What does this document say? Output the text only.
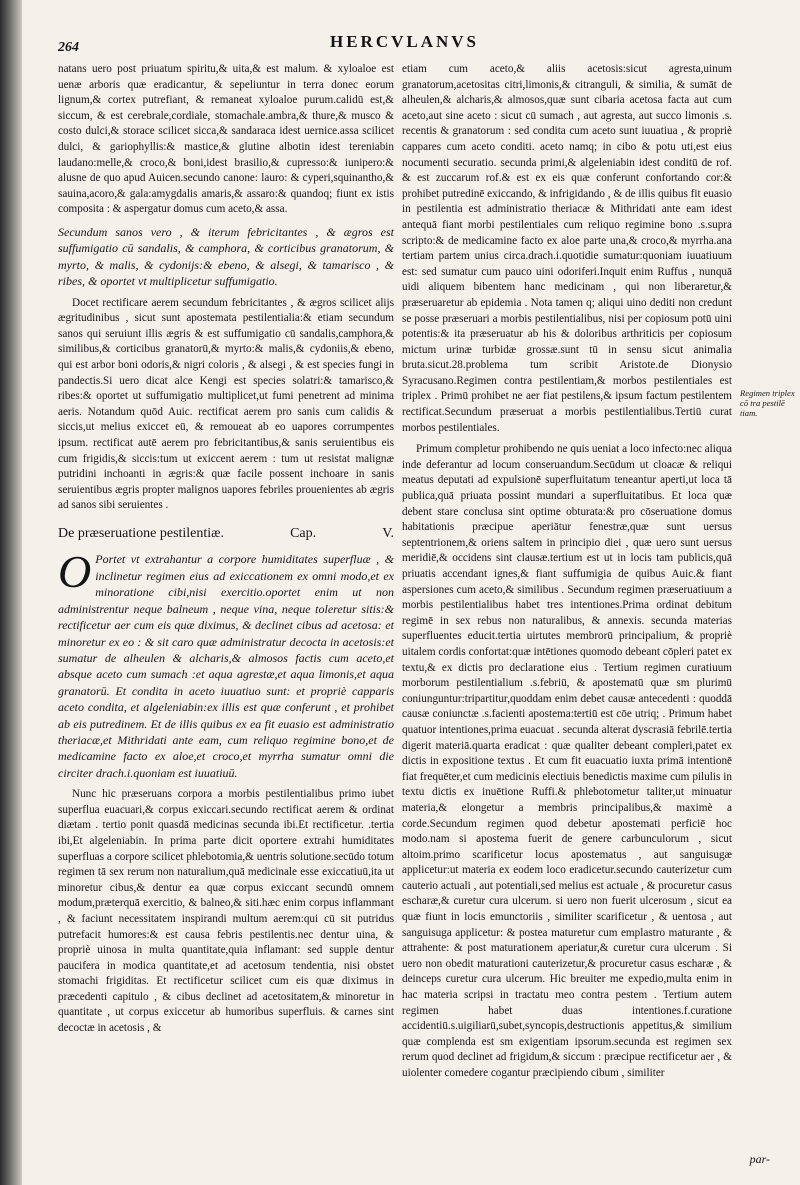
264	HERCVLANVS

natans uero post priuatum spiritu,& uita,& est malum. & xyloaloe est uenæ arboris quæ eradicantur, & sepeliuntur in terra donec eorum lignum,& cortex putrefiant, & remaneat xyloaloe purum.calidū est,& siccum, & est cerebrale,cordiale, stomachale.ambra,& thure,& musco & costo dulci,& storace scilicet sicca,& sandaraca idest uernice.assa scilicet dulci, & gariophyllis:& mastice,& glutine albotin idest tereniabin laudano:melle,& croco,& boni,idest brasilio,& cupresso:& iunipero:& alusne de quo apud Auicen.secundo canone: lauro: & cyperi,squinantho,& sauina,acoro,& gala:amygdalis amaris,& assaro:& quandoq; fiunt ex istis composita : & aspergatur domus cum aceto,& assa.

Secundum sanos vero , & iterum febricitantes , & ægros est suffumigatio cū sandalis, & camphora, & corticibus granatorum, & myrto, & malis, & cydonijs:& ebeno, & alsegi, & tamarisco , & ribes, & oportet vt multiplicetur suffumigatio.

Docet rectificare aerem secundum febricitantes , & ægros scilicet alijs ægritudinibus , sicut sunt apostemata pestilentialia:& etiam secundum sanos qui seruiunt illis ægris & est suffumigatio cū sandalis,camphora,& similibus,& corticibus granatorū,& myrto:& malis,& cydoniis,& ebeno, qui est arbor boni odoris,& nigri coloris , & alsegi , & est species fungi in pandectis.Si uero dicat alce Kengi est species solatri:& tamarisco,& ribes:& oportet ut suffumigatio multiplicet,ut fumi penetrent ad minima aeris. Notandum quōd Auic. rectificat aerem pro sanis cum calidis & siccis,ut melius exiccet eū, & remoueat ab eo uapores corrumpentes ipsum. rectificat autē aerem pro febricitantibus,& sanis seruientibus eis cum frigidis,& siccis:tum ut exiccent aerem : tum ut resistat malignæ putridini inchoanti in ægris:& quæ facile possent inchoare in sanis seruientibus ægris propter malignos uapores febriles prouenientes ab ægris ad sanos sibi seruientes .

De præseruatione pestilentiæ.	Cap.	V.

O Portet vt extrahantur a corpore humiditates superfluæ , & inclinetur regimen eius ad exiccationem ex omni modo,et ex minoratione cibi,nisi exercitio.oportet enim ut non administrentur neque balneum , neque vina, neque toleretur sitis:& rectificetur aer cum eis quæ diximus, & declinet cibus ad acetosa: et minoretur ex eo : & sit caro quæ administratur decocta in acetosis:et sumatur de alheulen & alcharis,& almosos factis cum aceto,et absque aceto cum sumach :et aqua agrestæ,et aqua limonis,et aqua granatorū. Et condita in aceto iuuatiuo sunt: et propriè capparis aceto condita, et algeleniabin:ex illis est quæ conferunt , et prohibet ab eis putredinem. Et de illis quibus ex ea fit euasio est administratio theriacæ,et Mithridati ante eam, cum reliquo regimine bono,et de medicamine facto ex aloe,et croco,et myrrha sumatur omni die circiter drach.i.quoniam est iuuatiuū.

Nunc hic præseruans corpora a morbis pestilentialibus primo iubet superflua euacuari,& corpus exiccari.secundo rectificat aerem & ordinat diætam . tertio ponit quasdā medicinas secunda ibi.Et rectificetur. .tertia ibi,Et algeleniabin. In prima parte dicit oportere extrahi humiditates superfluas a corpore scilicet phlebotomia,& uentris solutione.secūdo totum regimen tā sex rerum non naturalium,quā medicinale esse exiccatiuū,ita ut minoretur cibus,& dentur ea quæ corpus exiccant secundū omnem modum,præterquā exercitio, & balneo,& siti.hæc enim corpus inflammant , & faciunt necessitatem inspirandi multum aerem:qui cū sit putridus putrefacit humores:& est causa febris pestilentis.nec dentur uina, & propriè uinosa in multa quantitate,quia inflamant: sed supple dentur paucifera in modica quantitate,et ad acetosum tendentia, nisi obstet stomachi frigiditas. Et rectificetur scilicet cum eis quæ diximus in præcedenti capitulo , & cibus declinet ad acetositatem,& minoretur in quantitate , ut corpus exiccetur ab humoribus superfluis. & carnes sint decoctæ in acetosis , &

etiam cum aceto,& aliis acetosis:sicut agresta,uinum granatorum,acetositas citri,limonis,& citranguli, & similia, & sumāt de alheulen,& alcharis,& almosos,quæ sunt cibaria acetosa facta aut cum aceto,aut sine aceto : sicut cū sumach , aut agresta, aut succo limonis .s. recentis & granatorum : sed condita cum aceto sunt iuuatiua , & propriè cappares cum aceto conditi. aceto namq; in cibo & potu uti,est eius nocumenti securatio. secunda primi,& algeleniabin idest conditū de rof. & est zuccarum rof.& est ex eis quæ conferunt confortando cor:& prohibet putredinē exiccando, & infrigidando , & de illis quibus fit euasio in pestilentia est administratio theriacæ & Mithridati ante eam idest antequā fiant morbi pestilentiales cum reliquo regimine bono .s.supra scripto:& de medicamine facto ex aloe parte una,& croco,& myrrha.ana tertiam partem unius circa.drach.i.quotidie sumatur:quoniam iuuatiuum est: sed sumatur cum pauco uini odoriferi.Inquit enim Ruffus , nunquā uidi aliquem bibentem hanc medicinam , qui non liberaretur,& præseruaretur ab epidemia . Nota tamen q; aliqui uino dediti non credunt se posse præseruari a morbis pestilentialibus, nisi per copiosum potū uini potentis:& ita præseruatur ab his & doloribus arthriticis per copiosum mictum urinæ turbidæ grossæ.sunt tū in sensu sicut animalia bruta.sicut.28.problema tum scribit Aristote.de Dionysio Syracusano.Regimen contra pestilentiam,& morbos pestilentiales est triplex . Primū prohibet ne aer fiat pestilens,& ipsum factum pestilentem rectificat.Secundum præseruat a morbis pestilentialibus.Tertiū curat morbos pestilentiales.

Primum completur prohibendo ne quis ueniat a loco infecto:nec aliqua inde deferantur ad locum conseruandum.Secūdum ut cloacæ & reliqui meatus deputati ad expulsionē superfluitatum teneantur aperti,ut loca tā publica,quā priuata possint mundari a superfluitatibus. Et loca quæ debent stare conclusa sint optime obturata:& pro cōseruatione domus habitationis præcipue aperiātur fenestræ,quæ sunt uersus septentrionem,& oriens saltem in principio diei , quæ uero sunt uersus meridiē,& occidens sint clausæ.tertium est ut in locis tam publicis,quā priuatis accendant ignes,& fiant suffumigia de quibus Auic.& fiant aspersiones cum aceto,& similibus . Secundum regimen præseruatiuum a morbis pestilentialibus habet tres intentiones.Prima ordinat debitum regimē in sex rebus non naturalibus, & annexis. secunda materias superfluentes educit.tertia uirtutes membrorū principalium, & propriè uitalem cordis confortat:quæ intētiones quomodo debeant cōpleri patet ex textu,& ex dictis pro declaratione eius . Tertium regimen curatiuum morborum pestilentialium .s.febriū, & apostematū quæ sm plurimū coniunguntur:tripartitur,quoddam enim debet causæ antecedenti : quoddā causæ coniunctæ .s.facienti apostema:tertiū est cōe utriq; . Primum habet quatuor intentiones,prima euacuat . secunda alterat dyscrasiā febrilē.tertia digerit materiā.quarta eradicat : quæ qualiter debeant compleri,patet ex dictis in expositione textus . Et cum fit euacuatio iuxta primā intentionē fiat frequēter,et cum medicinis electiuis benedictis maxime cum pilulis in textu dictis ex inuētione Ruffi.& phlebotometur taliter,ut minuatur materia,& elongetur a membris principalibus,& maximè a corde.Secundum regimen quod debetur apostemati perficiē hoc modo.nam si apostema fuerit de genere carbunculorum , sicut altoim.primo scarificetur locus apostematus , aut sanguisugæ applicetur:ut materia ex eodem loco eradicetur.secundo cauterizetur cum cauterio actuali , aut potentiali,sed melius est actuale , & procuretur casus escharæ,& curetur cura ulcerum. si uero non fuerit ulcerosum , sicut ea quæ fiunt in locis emunctoriis , similiter scarificetur , & uentosa , aut sanguisuga applicetur: & postea maturetur cum emplastro maturante , & attrahente: & post maturationem aperiatur,& curetur cura ulcerum . Si uero non obedit maturationi cauterizetur,& procuretur casus escharæ , & deinceps curetur cura ulcerum. Hic breuiter me expedio,multa enim in hac materia scripsi in tractatu meo contra pestem . Tertium autem regimen habet duas intentiones.f.curatione accidentiū.s.uigiliarū,subet,syncopis,destructionis appetitus,& similium quæ complenda est sm exigentiam ipsorum.secunda est regimen sex rerum quod declinet ad frigidum,& siccum : præcipue rectificetur aer , & uiolenter comedere cogantur præcipiendo cibum , similiter

Regimen triplex cō tra pestilē tiam.
par-
